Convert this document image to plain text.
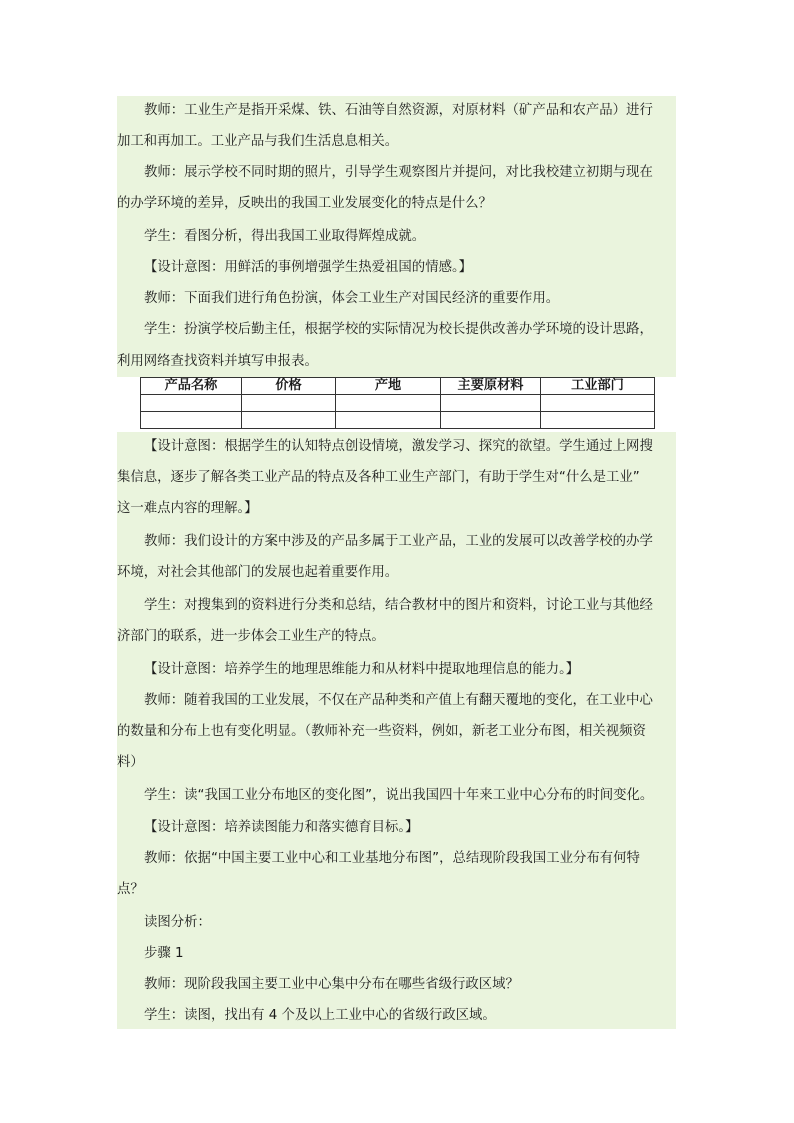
教师：工业生产是指开采煤、铁、石油等自然资源，对原材料（矿产品和农产品）进行
加工和再加工。工业产品与我们生活息息相关。
教师：展示学校不同时期的照片，引导学生观察图片并提问，对比我校建立初期与现在
的办学环境的差异，反映出的我国工业发展变化的特点是什么？
学生：看图分析，得出我国工业取得辉煌成就。
【设计意图：用鲜活的事例增强学生热爱祖国的情感。】
教师：下面我们进行角色扮演，体会工业生产对国民经济的重要作用。
学生：扮演学校后勤主任，根据学校的实际情况为校长提供改善办学环境的设计思路，
利用网络查找资料并填写申报表。
【设计意图：根据学生的认知特点创设情境，激发学习、探究的欲望。学生通过上网搜
集信息，逐步了解各类工业产品的特点及各种工业生产部门，有助于学生对“什么是工业”
这一难点内容的理解。】
教师：我们设计的方案中涉及的产品多属于工业产品，工业的发展可以改善学校的办学
环境，对社会其他部门的发展也起着重要作用。
学生：对搜集到的资料进行分类和总结，结合教材中的图片和资料，讨论工业与其他经
济部门的联系，进一步体会工业生产的特点。
【设计意图：培养学生的地理思维能力和从材料中提取地理信息的能力。】
教师：随着我国的工业发展，不仅在产品种类和产值上有翻天覆地的变化，在工业中心
的数量和分布上也有变化明显。（教师补充一些资料，例如，新老工业分布图，相关视频资
料）
学生：读“我国工业分布地区的变化图”，说出我国四十年来工业中心分布的时间变化。
【设计意图：培养读图能力和落实德育目标。】
教师：依据“中国主要工业中心和工业基地分布图”，总结现阶段我国工业分布有何特
点？
读图分析：
步骤 1
教师：现阶段我国主要工业中心集中分布在哪些省级行政区域？
学生：读图，找出有 4 个及以上工业中心的省级行政区域。
产品名称	价格	产地	主要原材料	工业部门
